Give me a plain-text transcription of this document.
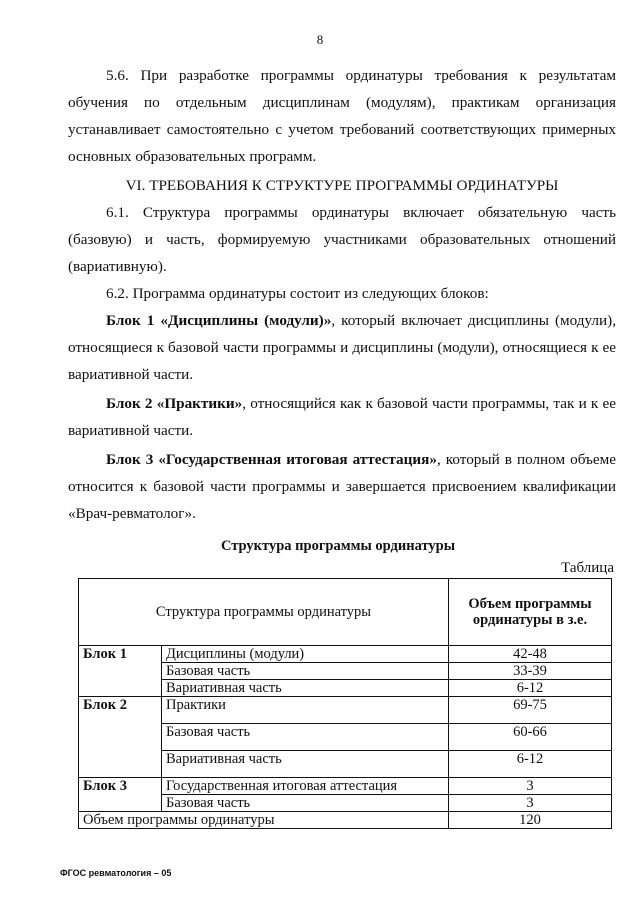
8

5.6. При разработке программы ординатуры требования к результатам обучения по отдельным дисциплинам (модулям), практикам организация устанавливает самостоятельно с учетом требований соответствующих примерных основных образовательных программ.

VI. ТРЕБОВАНИЯ К СТРУКТУРЕ ПРОГРАММЫ ОРДИНАТУРЫ

6.1. Структура программы ординатуры включает обязательную часть (базовую) и часть, формируемую участниками образовательных отношений (вариативную).

6.2. Программа ординатуры состоит из следующих блоков:

Блок 1 «Дисциплины (модули)», который включает дисциплины (модули), относящиеся к базовой части программы и дисциплины (модули), относящиеся к ее вариативной части.

Блок 2 «Практики», относящийся как к базовой части программы, так и к ее вариативной части.

Блок 3 «Государственная итоговая аттестация», который в полном объеме относится к базовой части программы и завершается присвоением квалификации «Врач-ревматолог».

Структура программы ординатуры
Таблица
Структура программы ординатуры		Объем программы ординатуры в з.е.
Блок 1	Дисциплины (модули)	42-48
	Базовая часть	33-39
	Вариативная часть	6-12
Блок 2	Практики	69-75
	Базовая часть	60-66
	Вариативная часть	6-12
Блок 3	Государственная итоговая аттестация	3
	Базовая часть	3
Объем программы ординатуры		120
ФГОС ревматология – 05
